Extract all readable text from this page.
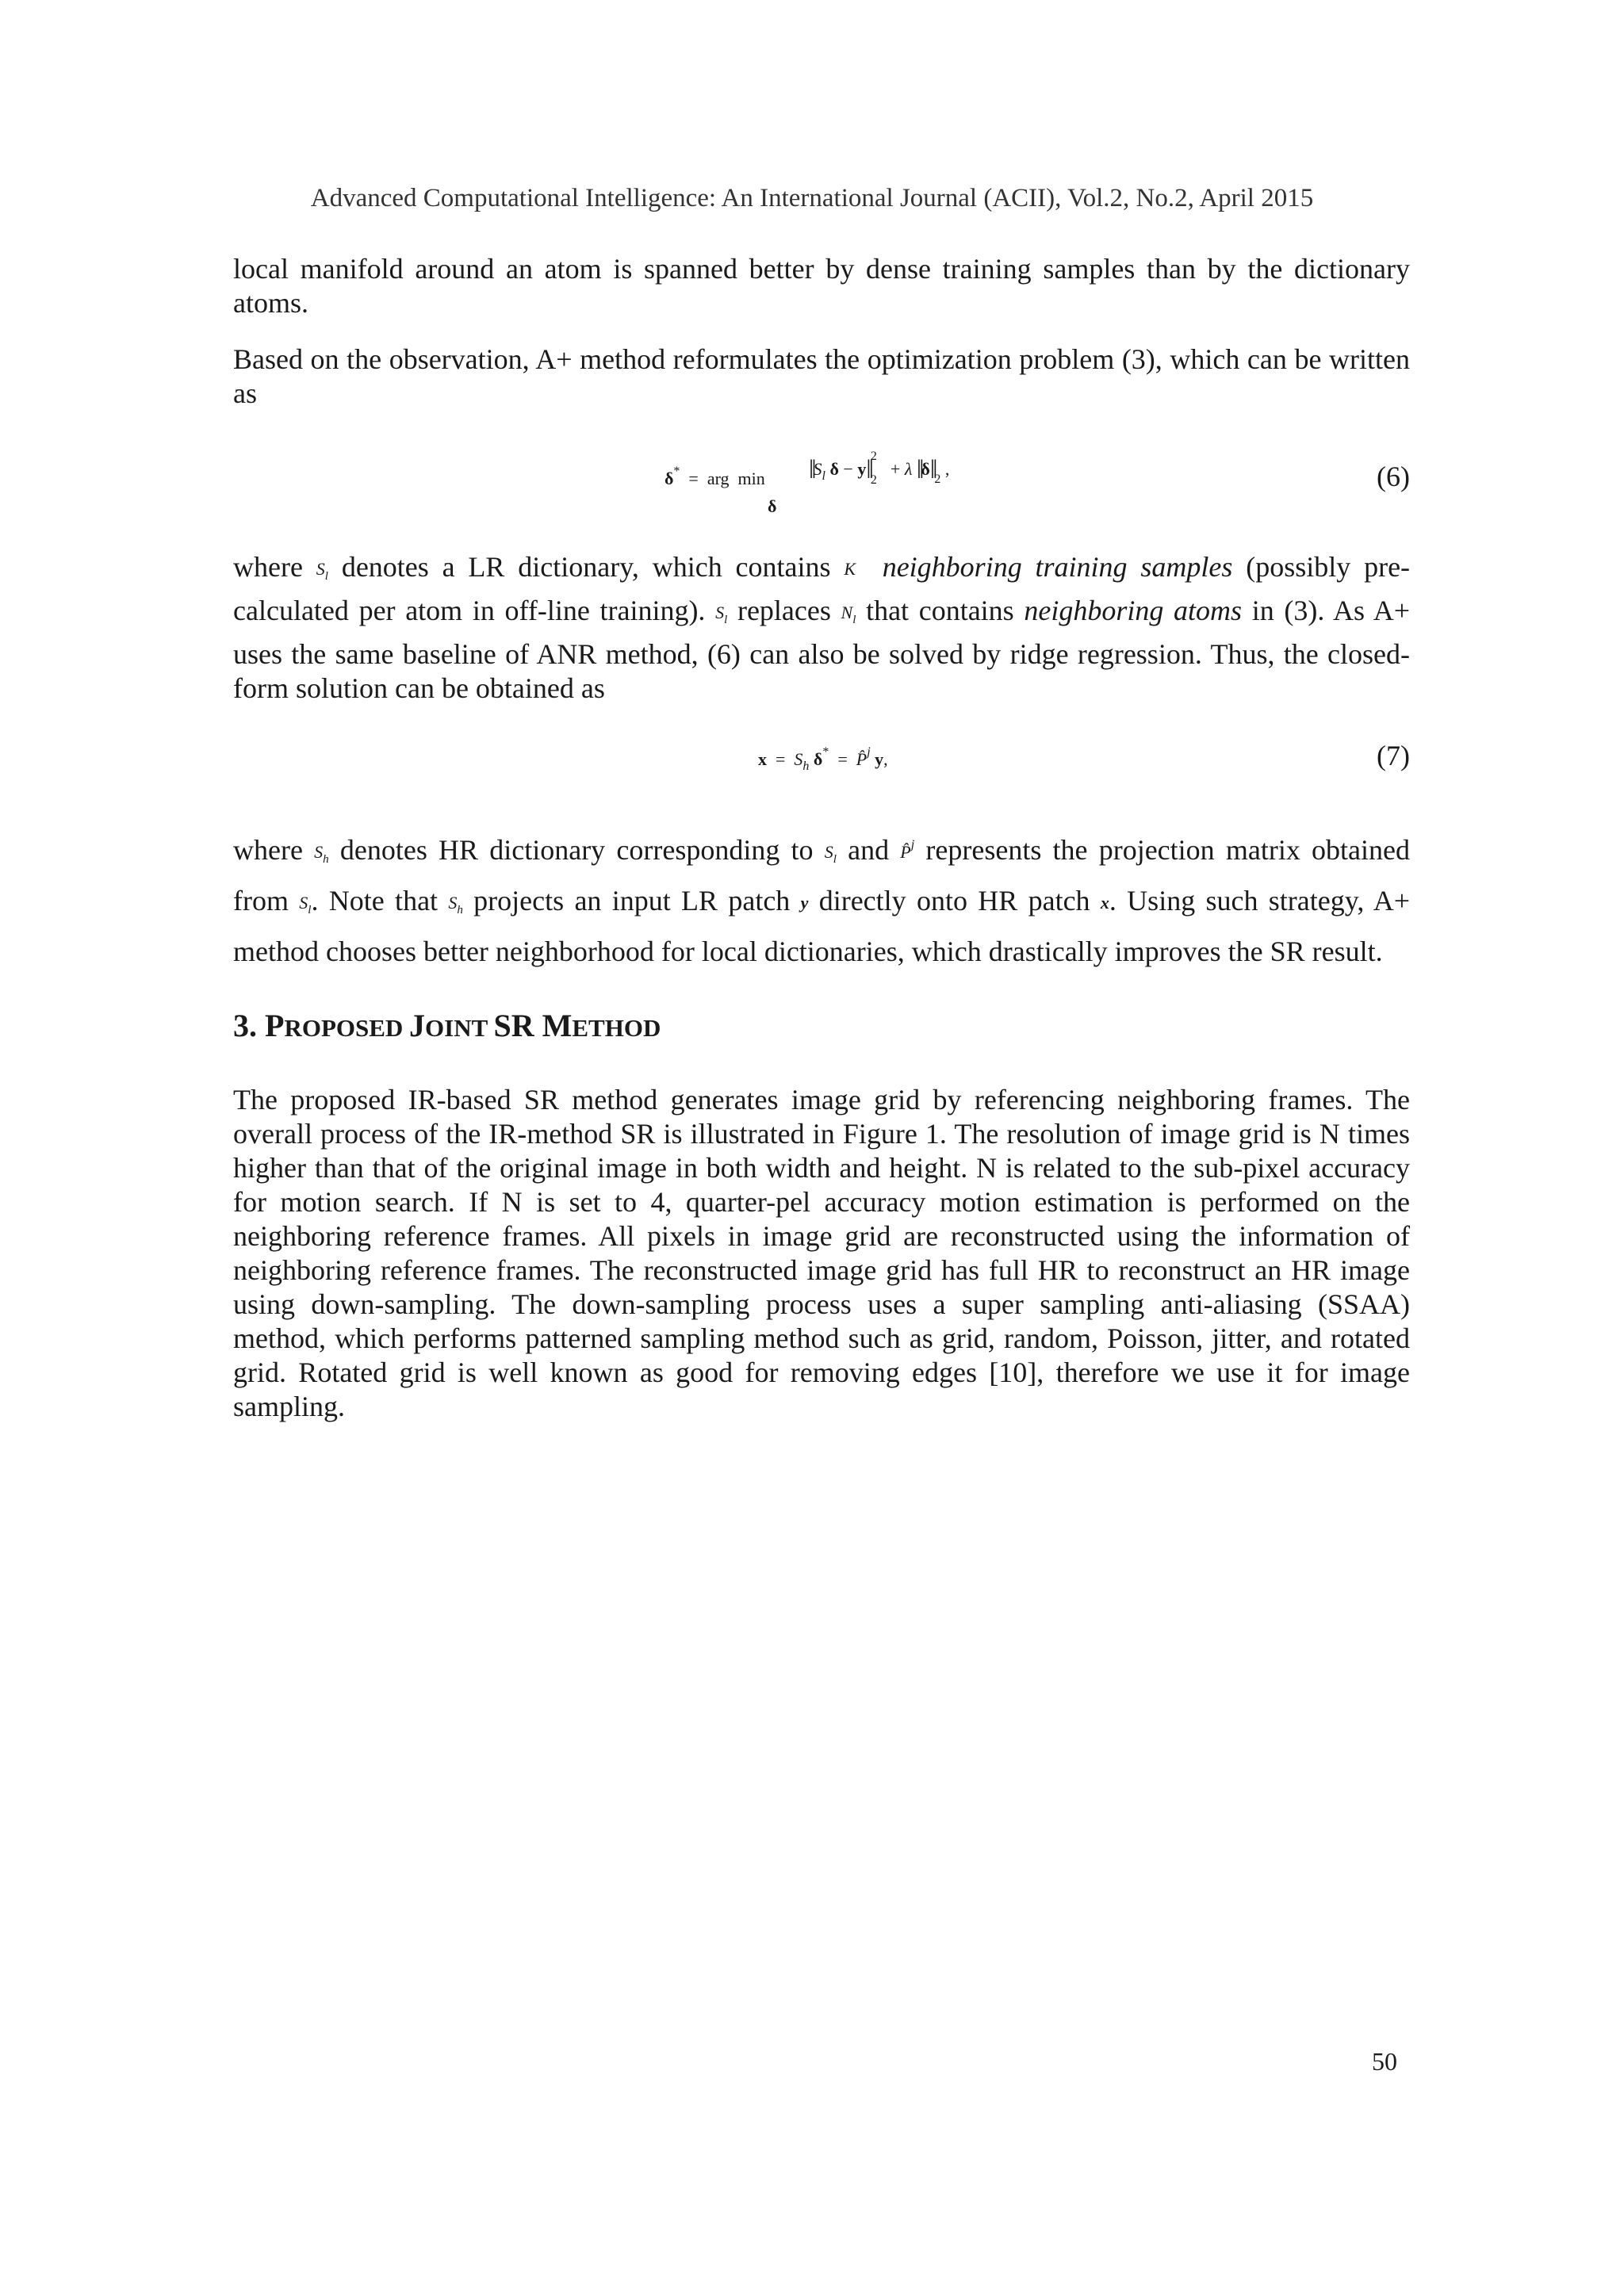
Advanced Computational Intelligence: An International Journal (ACII), Vol.2, No.2, April 2015

local manifold around an atom is spanned better by dense training samples than by the dictionary atoms.

Based on the observation, A+ method reformulates the optimization problem (3), which can be written as

δ* = arg min
δ
$‖S_l$ δ − y‖ 2
2
+ λ $‖\delta‖_2$ ,	(6)

where $S_l$ denotes a LR dictionary, which contains K neighboring training samples (possibly pre-calculated per atom in off-line training). $S_l$ replaces $N_l$ that contains neighboring atoms in (3). As A+ uses the same baseline of ANR method, (6) can also be solved by ridge regression. Thus, the closed-form solution can be obtained as

$x = S_h$ δ* = P̂$^j$ y,	(7)

where $S_h$ denotes HR dictionary corresponding to $S_l$ and P̂$^j$ represents the projection matrix obtained from $S_l$. Note that $S_h$ projects an input LR patch y directly onto HR patch x. Using such strategy, A+ method chooses better neighborhood for local dictionaries, which drastically improves the SR result.

3. PROPOSED JOINT SR METHOD

The proposed IR-based SR method generates image grid by referencing neighboring frames. The overall process of the IR-method SR is illustrated in Figure 1. The resolution of image grid is N times higher than that of the original image in both width and height. N is related to the sub-pixel accuracy for motion search. If N is set to 4, quarter-pel accuracy motion estimation is performed on the neighboring reference frames. All pixels in image grid are reconstructed using the information of neighboring reference frames. The reconstructed image grid has full HR to reconstruct an HR image using down-sampling. The down-sampling process uses a super sampling anti-aliasing (SSAA) method, which performs patterned sampling method such as grid, random, Poisson, jitter, and rotated grid. Rotated grid is well known as good for removing edges [10], therefore we use it for image sampling.

50
